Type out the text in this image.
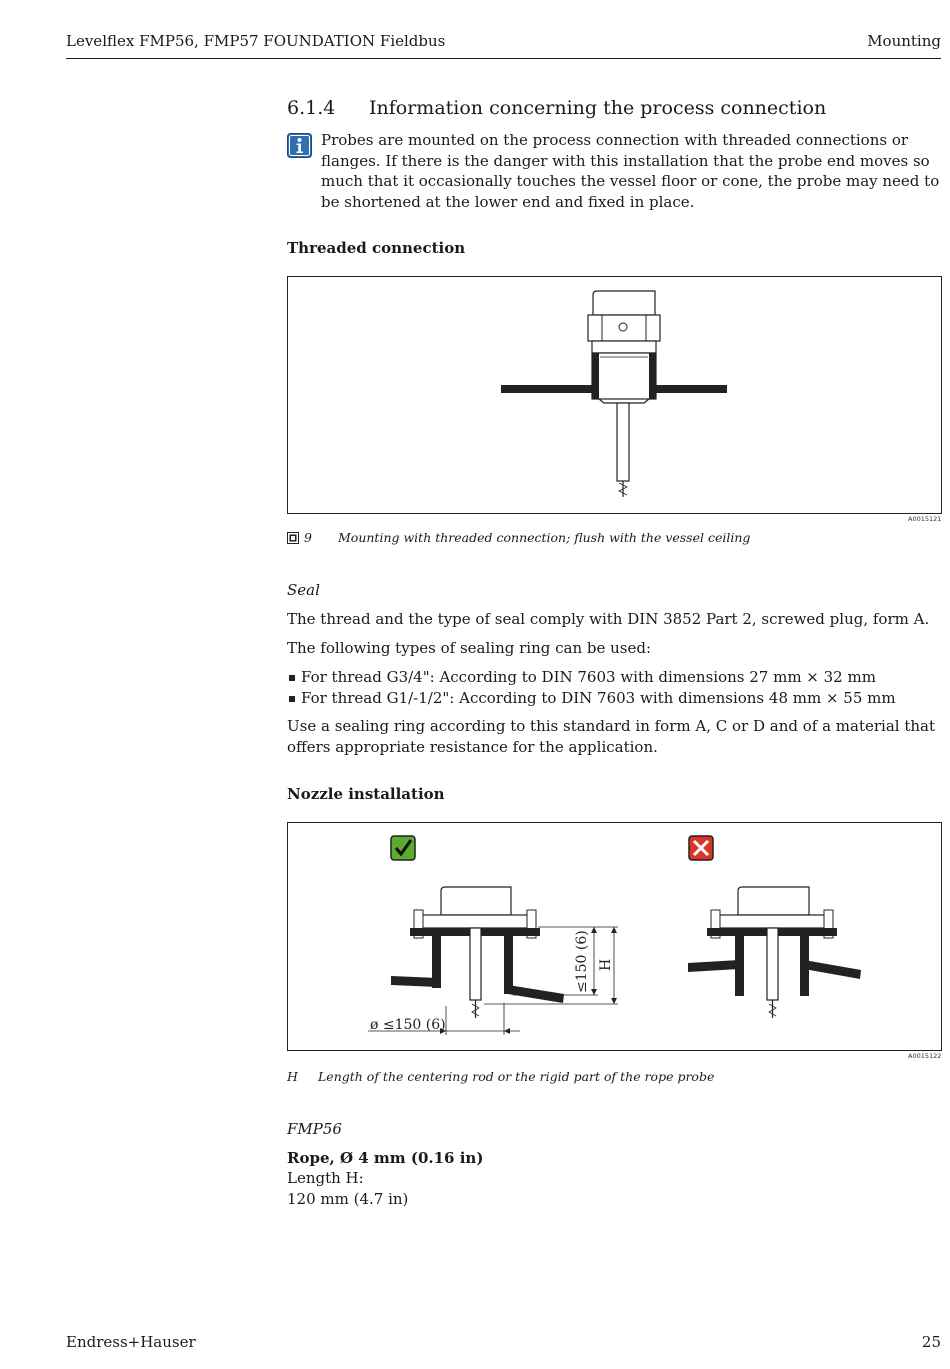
Levelflex FMP56, FMP57 FOUNDATION Fieldbus	Mounting
6.1.4 Information concerning the process connection

Probes are mounted on the process connection with threaded connections or flanges. If there is the danger with this installation that the probe end moves so much that it occasionally touches the vessel floor or cone, the probe may need to be shortened at the lower end and fixed in place.

Threaded connection
A0015121
9 Mounting with threaded connection; flush with the vessel ceiling
Seal
The thread and the type of seal comply with DIN 3852 Part 2, screwed plug, form A.
The following types of sealing ring can be used:
For thread G3/4": According to DIN 7603 with dimensions 27 mm × 32 mm
For thread G1/-1/2": According to DIN 7603 with dimensions 48 mm × 55 mm
Use a sealing ring according to this standard in form A, C or D and of a material that offers appropriate resistance for the application.
Nozzle installation
ø ≤150 (6)
≤150 (6) H
A0015122
H Length of the centering rod or the rigid part of the rope probe
FMP56
Rope, Ø 4 mm (0.16 in)
Length H:
120 mm (4.7 in)
Endress+Hauser	25
